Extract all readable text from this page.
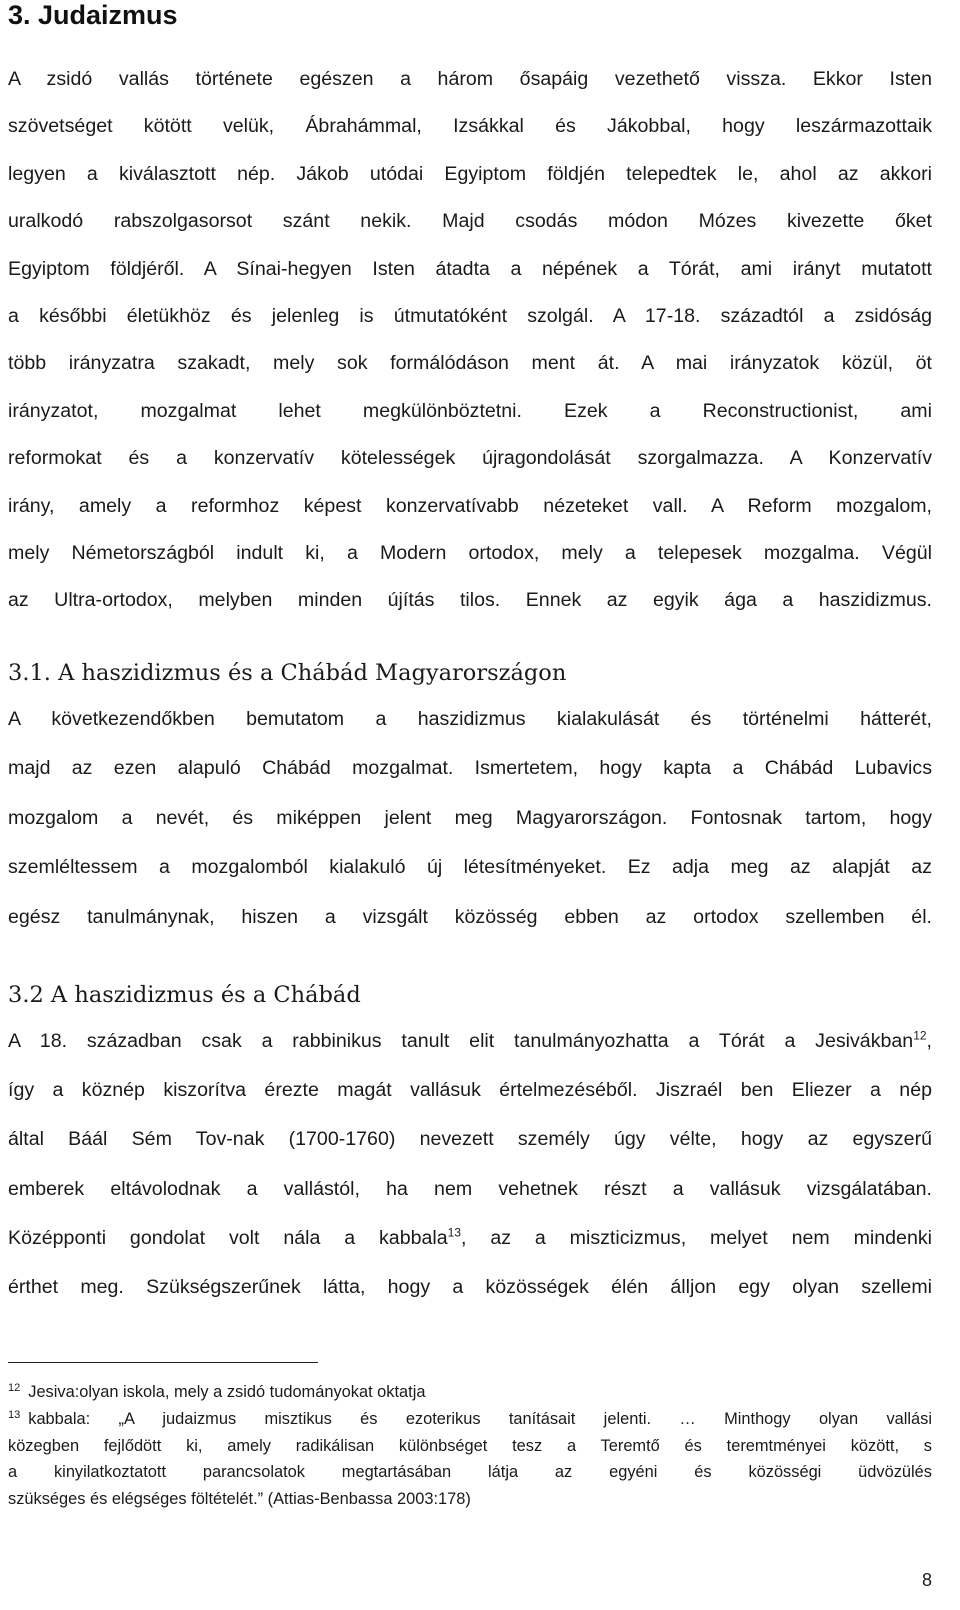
3. Judaizmus
A zsidó vallás története egészen a három ősapáig vezethető vissza. Ekkor Isten
szövetséget kötött velük, Ábrahámmal, Izsákkal és Jákobbal, hogy leszármazottaik
legyen a kiválasztott nép. Jákob utódai Egyiptom földjén telepedtek le, ahol az akkori
uralkodó rabszolgasorsot szánt nekik. Majd csodás módon Mózes kivezette őket
Egyiptom földjéről. A Sínai-hegyen Isten átadta a népének a Tórát, ami irányt mutatott
a későbbi életükhöz és jelenleg is útmutatóként szolgál. A 17-18. századtól a zsidóság
több irányzatra szakadt, mely sok formálódáson ment át. A mai irányzatok közül, öt
irányzatot, mozgalmat lehet megkülönböztetni. Ezek a Reconstructionist, ami
reformokat és a konzervatív kötelességek újragondolását szorgalmazza. A Konzervatív
irány, amely a reformhoz képest konzervatívabb nézeteket vall. A Reform mozgalom,
mely Németországból indult ki, a Modern ortodox, mely a telepesek mozgalma. Végül
az Ultra-ortodox, melyben minden újítás tilos. Ennek az egyik ága a haszidizmus.
3.1. A haszidizmus és a Chábád Magyarországon
A következendőkben bemutatom a haszidizmus kialakulását és történelmi hátterét,
majd az ezen alapuló Chábád mozgalmat. Ismertetem, hogy kapta a Chábád Lubavics
mozgalom a nevét, és miképpen jelent meg Magyarországon. Fontosnak tartom, hogy
szemléltessem a mozgalomból kialakuló új létesítményeket. Ez adja meg az alapját az
egész tanulmánynak, hiszen a vizsgált közösség ebben az ortodox szellemben él.
3.2 A haszidizmus és a Chábád
A 18. században csak a rabbinikus tanult elit tanulmányozhatta a Tórát a Jesivákban$^{12}$,
így a köznép kiszorítva érezte magát vallásuk értelmezéséből. Jiszraél ben Eliezer a nép
által Báál Sém Tov-nak (1700-1760) nevezett személy úgy vélte, hogy az egyszerű
emberek eltávolodnak a vallástól, ha nem vehetnek részt a vallásuk vizsgálatában.
Középponti gondolat volt nála a kabbala$^{13}$, az a miszticizmus, melyet nem mindenki
érthet meg. Szükségszerűnek látta, hogy a közösségek élén álljon egy olyan szellemi

$^{12}$ Jesiva:olyan iskola, mely a zsidó tudományokat oktatja

$^{13}$ kabbala: „A judaizmus misztikus és ezoterikus tanításait jelenti. … Minthogy olyan vallási
közegben fejlődött ki, amely radikálisan különbséget tesz a Teremtő és teremtményei között, s
a kinyilatkoztatott parancsolatok megtartásában látja az egyéni és közösségi üdvözülés
szükséges és elégséges föltételét.” (Attias-Benbassa 2003:178)

8
